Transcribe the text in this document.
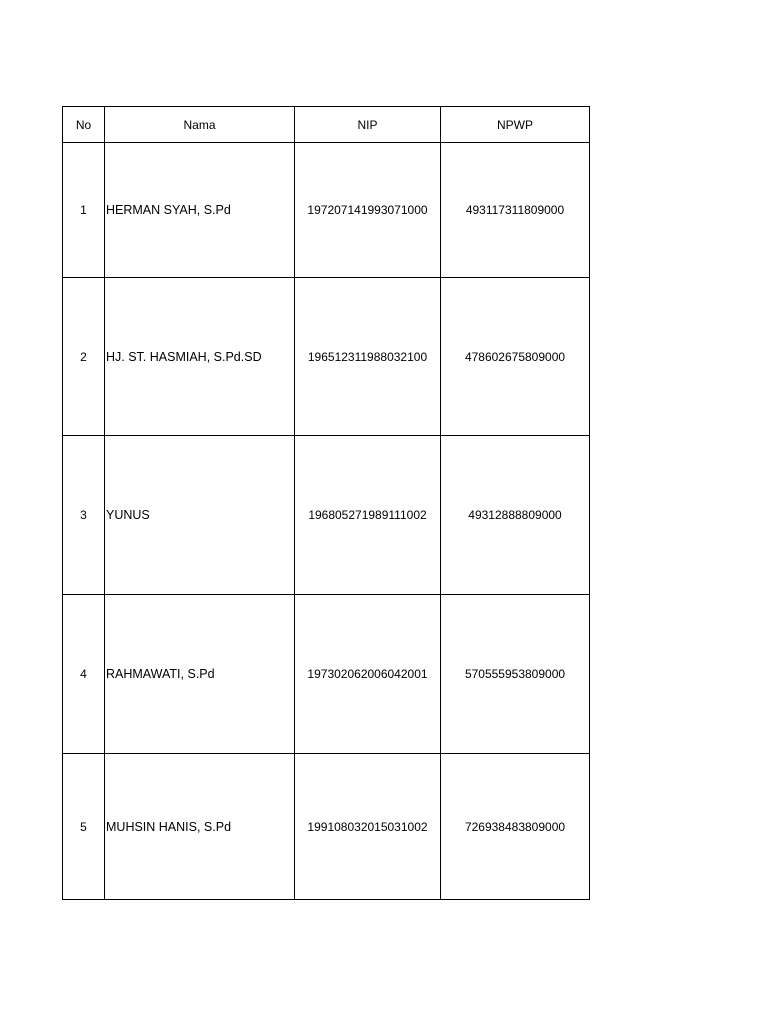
No	Nama	NIP	NPWP
1	HERMAN SYAH, S.Pd	197207141993071000	493117311809000
2	HJ. ST. HASMIAH, S.Pd.SD	196512311988032100	478602675809000
3	YUNUS	196805271989111002	49312888809000
4	RAHMAWATI, S.Pd	197302062006042001	570555953809000
5	MUHSIN HANIS, S.Pd	199108032015031002	726938483809000
